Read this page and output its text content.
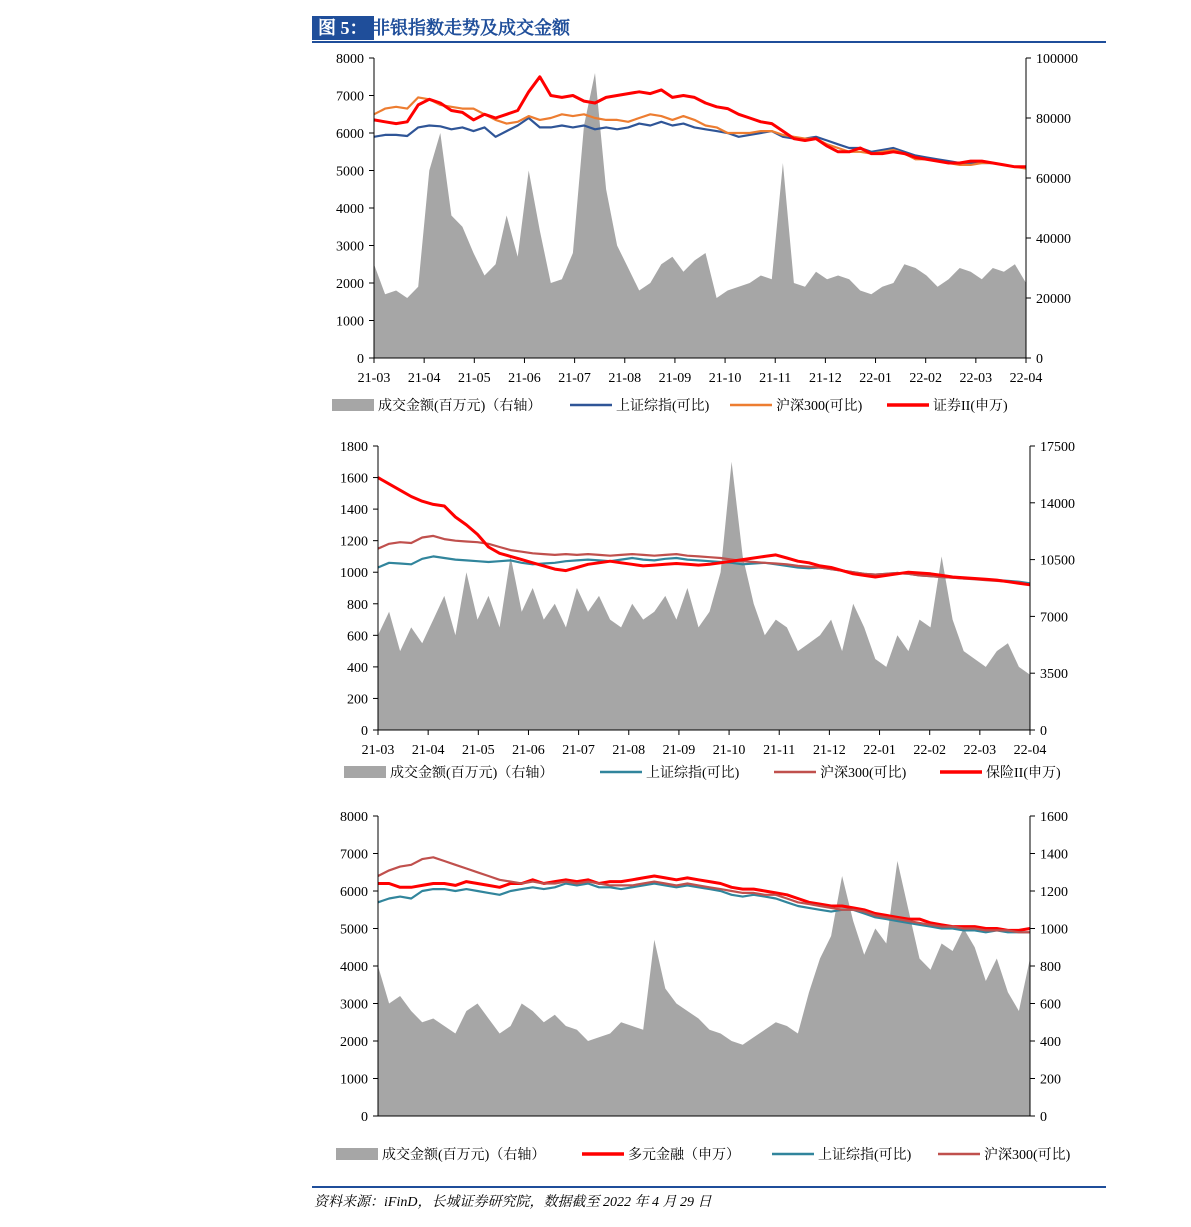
图 5： 非银指数走势及成交金额
0
1000
2000
3000
4000
5000
6000
7000
8000
0
20000
40000
60000
80000
100000
21-03 21-04 21-05 21-06 21-07 21-08 21-09 21-10 21-11 21-12 22-01 22-02 22-03 22-04
成交金额(百万元)（右轴）	上证综指(可比)	沪深300(可比)	证券II(申万)
0
200
400
600
800
1000
1200
1400
1600
1800
0
3500
7000
10500
14000
17500
21-03 21-04 21-05 21-06 21-07 21-08 21-09 21-10 21-11 21-12 22-01 22-02 22-03 22-04
成交金额(百万元)（右轴）	上证综指(可比)	沪深300(可比)	保险II(申万)
0
1000
2000
3000
4000
5000
6000
7000
8000
0
200
400
600
800
1000
1200
1400
1600
成交金额(百万元)（右轴）	多元金融（申万）	上证综指(可比)	沪深300(可比)
资料来源：iFinD，长城证券研究院，数据截至 2022 年 4 月 29 日
